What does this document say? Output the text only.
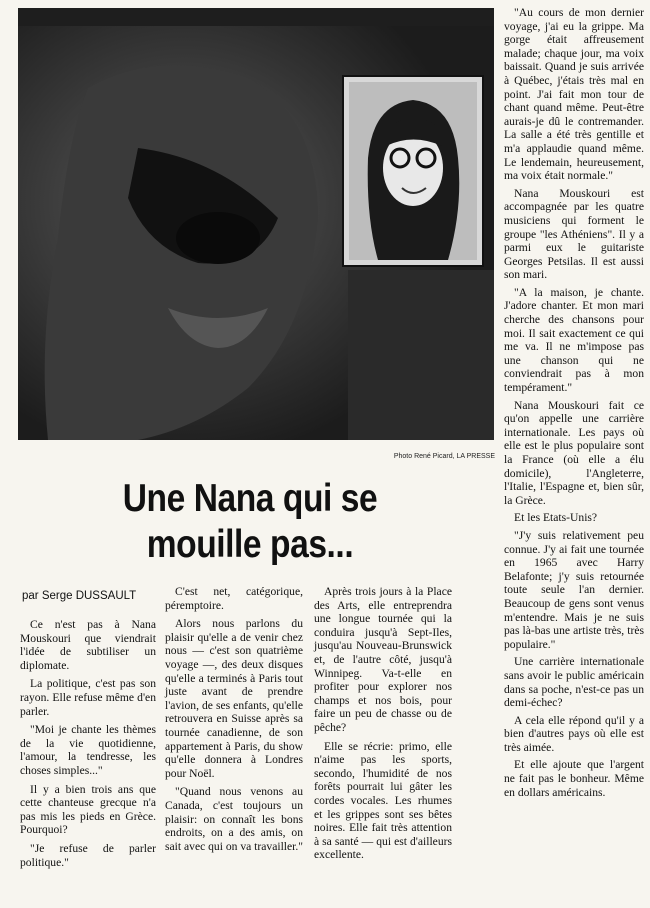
Photo René Picard, LA PRESSE
Une Nana qui se
mouille pas...
par Serge DUSSAULT

Ce n'est pas à Nana Mouskouri que viendrait l'idée de subtiliser un diplomate.

La politique, c'est pas son rayon. Elle refuse même d'en parler.

"Moi je chante les thèmes de la vie quotidienne, l'amour, la tendresse, les choses simples..."

Il y a bien trois ans que cette chanteuse grecque n'a pas mis les pieds en Grèce. Pourquoi?

"Je refuse de parler politique."

C'est net, catégorique, péremptoire.

Alors nous parlons du plaisir qu'elle a de venir chez nous — c'est son quatrième voyage —, des deux disques qu'elle a terminés à Paris tout juste avant de prendre l'avion, de ses enfants, qu'elle retrouvera en Suisse après sa tournée canadienne, de son appartement à Paris, du show qu'elle donnera à Londres pour Noël.

"Quand nous venons au Canada, c'est toujours un plaisir: on connaît les bons endroits, on a des amis, on sait avec qui on va travailler."

Après trois jours à la Place des Arts, elle entreprendra une longue tournée qui la conduira jusqu'à Sept-Iles, jusqu'au Nouveau-Brunswick et, de l'autre côté, jusqu'à Winnipeg. Va-t-elle en profiter pour explorer nos champs et nos bois, pour faire un peu de chasse ou de pêche?

Elle se récrie: primo, elle n'aime pas les sports, secondo, l'humidité de nos forêts pourrait lui gâter les cordes vocales. Les rhumes et les grippes sont ses bêtes noires. Elle fait très attention à sa santé — qui est d'ailleurs excellente.

"Au cours de mon dernier voyage, j'ai eu la grippe. Ma gorge était affreusement malade; chaque jour, ma voix baissait. Quand je suis arrivée à Québec, j'étais très mal en point. J'ai fait mon tour de chant quand même. Peut-être aurais-je dû le contremander. La salle a été très gentille et m'a applaudie quand même. Le lendemain, heureusement, ma voix était normale."

Nana Mouskouri est accompagnée par les quatre musiciens qui forment le groupe "les Athéniens". Il y a parmi eux le guitariste Georges Petsilas. Il est aussi son mari.

"A la maison, je chante. J'adore chanter. Et mon mari cherche des chansons pour moi. Il sait exactement ce qui me va. Il ne m'impose pas une chanson qui ne conviendrait pas à mon tempérament."

Nana Mouskouri fait ce qu'on appelle une carrière internationale. Les pays où elle est le plus populaire sont la France (où elle a élu domicile), l'Angleterre, l'Italie, l'Espagne et, bien sûr, la Grèce.

Et les Etats-Unis?

"J'y suis relativement peu connue. J'y ai fait une tournée en 1965 avec Harry Belafonte; j'y suis retournée toute seule l'an dernier. Beaucoup de gens sont venus m'entendre. Mais je ne suis pas là-bas une artiste très, très populaire."

Une carrière internationale sans avoir le public américain dans sa poche, n'est-ce pas un demi-échec?

A cela elle répond qu'il y a bien d'autres pays où elle est très aimée.

Et elle ajoute que l'argent ne fait pas le bonheur. Même en dollars américains.
